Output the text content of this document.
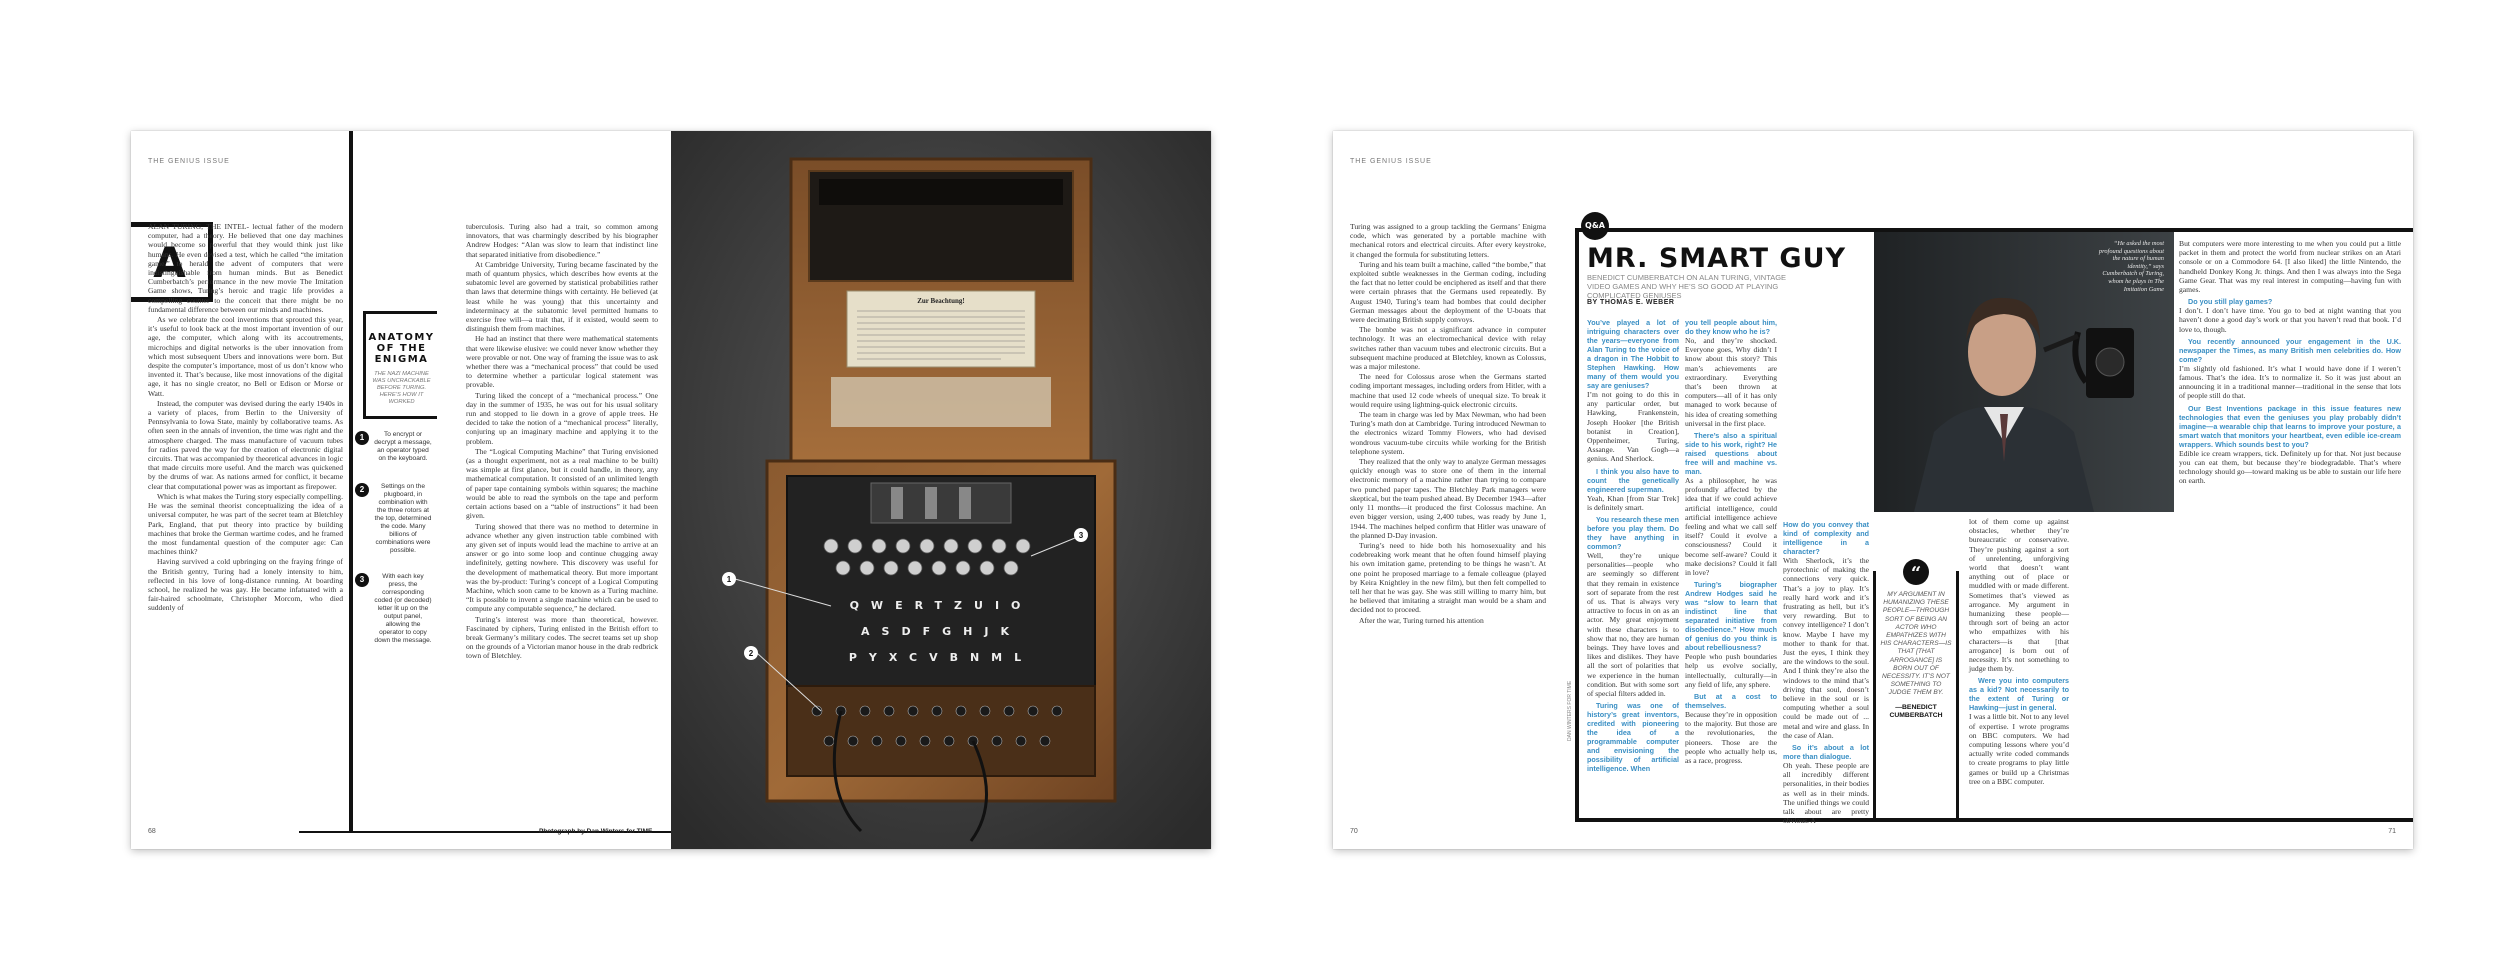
THE GENIUS ISSUE
A

ALAN TURING, THE INTEL- lectual father of the modern computer, had a theory. He believed that one day machines would become so powerful that they would think just like humans. He even devised a test, which he called “the imitation game,” to herald the advent of computers that were indistinguishable from human minds. But as Benedict Cumberbatch’s performance in the new movie The Imitation Game shows, Turing’s heroic and tragic life provides a compelling counter to the conceit that there might be no fundamental difference between our minds and machines.

As we celebrate the cool inventions that sprouted this year, it’s useful to look back at the most important invention of our age, the computer, which along with its accoutrements, microchips and digital networks is the uber innovation from which most subsequent Ubers and innovations were born. But despite the computer’s importance, most of us don’t know who invented it. That’s because, like most innovations of the digital age, it has no single creator, no Bell or Edison or Morse or Watt.

Instead, the computer was devised during the early 1940s in a variety of places, from Berlin to the University of Pennsylvania to Iowa State, mainly by collaborative teams. As often seen in the annals of invention, the time was right and the atmosphere charged. The mass manufacture of vacuum tubes for radios paved the way for the creation of electronic digital circuits. That was accompanied by theoretical advances in logic that made circuits more useful. And the march was quickened by the drums of war. As nations armed for conflict, it became clear that computational power was as important as firepower.

Which is what makes the Turing story especially compelling. He was the seminal theorist conceptualizing the idea of a universal computer, he was part of the secret team at Bletchley Park, England, that put theory into practice by building machines that broke the German wartime codes, and he framed the most fundamental question of the computer age: Can machines think?

Having survived a cold upbringing on the fraying fringe of the British gentry, Turing had a lonely intensity to him, reflected in his love of long-distance running. At boarding school, he realized he was gay. He became infatuated with a fair-haired schoolmate, Christopher Morcom, who died suddenly of

ANATOMY OF THE ENIGMA
THE NAZI MACHINE WAS UNCRACKABLE BEFORE TURING. HERE’S HOW IT WORKED
1	To encrypt or decrypt a message, an operator typed on the keyboard.
2	Settings on the plugboard, in combination with the three rotors at the top, determined the code. Many billions of combinations were possible.
3	With each key press, the corresponding coded (or decoded) letter lit up on the output panel, allowing the operator to copy down the message.

tuberculosis. Turing also had a trait, so common among innovators, that was charmingly described by his biographer Andrew Hodges: “Alan was slow to learn that indistinct line that separated initiative from disobedience.”

At Cambridge University, Turing became fascinated by the math of quantum physics, which describes how events at the subatomic level are governed by statistical probabilities rather than laws that determine things with certainty. He believed (at least while he was young) that this uncertainty and indeterminacy at the subatomic level permitted humans to exercise free will—a trait that, if it existed, would seem to distinguish them from machines.

He had an instinct that there were mathematical statements that were likewise elusive: we could never know whether they were provable or not. One way of framing the issue was to ask whether there was a “mechanical process” that could be used to determine whether a particular logical statement was provable.

Turing liked the concept of a “mechanical process.” One day in the summer of 1935, he was out for his usual solitary run and stopped to lie down in a grove of apple trees. He decided to take the notion of a “mechanical process” literally, conjuring up an imaginary machine and applying it to the problem.

The “Logical Computing Machine” that Turing envisioned (as a thought experiment, not as a real machine to be built) was simple at first glance, but it could handle, in theory, any mathematical computation. It consisted of an unlimited length of paper tape containing symbols within squares; the machine would be able to read the symbols on the tape and perform certain actions based on a “table of instructions” it had been given.

Turing showed that there was no method to determine in advance whether any given instruction table combined with any given set of inputs would lead the machine to arrive at an answer or go into some loop and continue chugging away indefinitely, getting nowhere. This discovery was useful for the development of mathematical theory. But more important was the by-product: Turing’s concept of a Logical Computing Machine, which soon came to be known as a Turing machine. “It is possible to invent a single machine which can be used to compute any computable sequence,” he declared.

Turing’s interest was more than theoretical, however. Fascinated by ciphers, Turing enlisted in the British effort to break Germany’s military codes. The secret teams set up shop on the grounds of a Victorian manor house in the drab redbrick town of Bletchley.

68
Zur Beachtung!
QWERTZUIO
ASDFGHJK
PYXCVBNML
1
2
3
Photograph by Dan Winters for TIME
THE GENIUS ISSUE

Turing was assigned to a group tackling the Germans’ Enigma code, which was generated by a portable machine with mechanical rotors and electrical circuits. After every keystroke, it changed the formula for substituting letters.

Turing and his team built a machine, called “the bombe,” that exploited subtle weaknesses in the German coding, including the fact that no letter could be enciphered as itself and that there were certain phrases that the Germans used repeatedly. By August 1940, Turing’s team had bombes that could decipher German messages about the deployment of the U-boats that were decimating British supply convoys.

The bombe was not a significant advance in computer technology. It was an electromechanical device with relay switches rather than vacuum tubes and electronic circuits. But a subsequent machine produced at Bletchley, known as Colossus, was a major milestone.

The need for Colossus arose when the Germans started coding important messages, including orders from Hitler, with a machine that used 12 code wheels of unequal size. To break it would require using lightning-quick electronic circuits.

The team in charge was led by Max Newman, who had been Turing’s math don at Cambridge. Turing introduced Newman to the electronics wizard Tommy Flowers, who had devised wondrous vacuum-tube circuits while working for the British telephone system.

They realized that the only way to analyze German messages quickly enough was to store one of them in the internal electronic memory of a machine rather than trying to compare two punched paper tapes. The Bletchley Park managers were skeptical, but the team pushed ahead. By December 1943—after only 11 months—it produced the first Colossus machine. An even bigger version, using 2,400 tubes, was ready by June 1, 1944. The machines helped confirm that Hitler was unaware of the planned D-Day invasion.

Turing’s need to hide both his homosexuality and his codebreaking work meant that he often found himself playing his own imitation game, pretending to be things he wasn’t. At one point he proposed marriage to a female colleague (played by Keira Knightley in the new film), but then felt compelled to tell her that he was gay. She was still willing to marry him, but he believed that imitating a straight man would be a sham and decided not to proceed.

After the war, Turing turned his attention

70
DAN WINTERS FOR TIME
Q&A
MR. SMART GUY
BENEDICT CUMBERBATCH ON ALAN TURING, VINTAGE VIDEO GAMES AND WHY HE’S SO GOOD AT PLAYING COMPLICATED GENIUSES
BY THOMAS E. WEBER

You’ve played a lot of intriguing characters over the years—everyone from Alan Turing to the voice of a dragon in The Hobbit to Stephen Hawking. How many of them would you say are geniuses?
I’m not going to do this in any particular order, but Hawking, Frankenstein, Joseph Hooker [the British botanist in Creation], Oppenheimer, Turing, Assange. Van Gogh—a genius. And Sherlock.

I think you also have to count the genetically engineered superman.
Yeah, Khan [from Star Trek] is definitely smart.

You research these men before you play them. Do they have anything in common?
Well, they’re unique personalities—people who are seemingly so different that they remain in existence sort of separate from the rest of us. That is always very attractive to focus in on as an actor. My great enjoyment with these characters is to show that no, they are human beings. They have loves and likes and dislikes. They have all the sort of polarities that we experience in the human condition. But with some sort of special filters added in.

Turing was one of history’s great inventors, credited with pioneering the idea of a programmable computer and envisioning the possibility of artificial intelligence. When

you tell people about him, do they know who he is?
No, and they’re shocked. Everyone goes, Why didn’t I know about this story? This man’s achievements are extraordinary. Everything that’s been thrown at computers—all of it has only managed to work because of his idea of creating something universal in the first place.

There’s also a spiritual side to his work, right? He raised questions about free will and machine vs. man.
As a philosopher, he was profoundly affected by the idea that if we could achieve artificial intelligence, could artificial intelligence achieve feeling and what we call self itself? Could it evolve a consciousness? Could it become self-aware? Could it make decisions? Could it fall in love?

Turing’s biographer Andrew Hodges said he was “slow to learn that indistinct line that separated initiative from disobedience.” How much of genius do you think is about rebelliousness?
People who push boundaries help us evolve socially, intellectually, culturally—in any field of life, any sphere.

But at a cost to themselves.
Because they’re in opposition to the majority. But those are the revolutionaries, the pioneers. Those are the people who actually help us, as a race, progress.

“
MY ARGUMENT IN HUMANIZING THESE PEOPLE—THROUGH SORT OF BEING AN ACTOR WHO EMPATHIZES WITH HIS CHARACTERS—IS THAT [THAT ARROGANCE] IS BORN OUT OF NECESSITY. IT’S NOT SOMETHING TO JUDGE THEM BY.
—BENEDICT CUMBERBATCH

How do you convey that kind of complexity and intelligence in a character?
With Sherlock, it’s the pyrotechnic of making the connections very quick. That’s a joy to play. It’s really hard work and it’s frustrating as hell, but it’s very rewarding. But to convey intelligence? I don’t know. Maybe I have my mother to thank for that. Just the eyes, I think they are the windows to the soul. And I think they’re also the windows to the mind that’s driving that soul, doesn’t believe in the soul or is computing whether a soul could be made out of ... metal and wire and glass. In the case of Alan.

So it’s about a lot more than dialogue.
Oh yeah. These people are all incredibly different personalities, in their bodies as well as in their minds. The unified things we could talk about are pretty obvious. A

lot of them come up against obstacles, whether they’re bureaucratic or conservative. They’re pushing against a sort of unrelenting, unforgiving world that doesn’t want anything out of place or muddled with or made different. Sometimes that’s viewed as arrogance. My argument in humanizing these people—through sort of being an actor who empathizes with his characters—is that [that arrogance] is born out of necessity. It’s not something to judge them by.

Were you into computers as a kid? Not necessarily to the extent of Turing or Hawking—just in general.
I was a little bit. Not to any level of expertise. I wrote programs on BBC computers. We had computing lessons where you’d actually write coded commands to create programs to play little games or build up a Christmas tree on a BBC computer.

But computers were more interesting to me when you could put a little packet in them and protect the world from nuclear strikes on an Atari console or on a Commodore 64. [I also liked] the little Nintendo, the handheld Donkey Kong Jr. things. And then I was always into the Sega Game Gear. That was my real interest in computing—having fun with games.

Do you still play games?
I don’t. I don’t have time. You go to bed at night wanting that you haven’t done a good day’s work or that you haven’t read that book. I’d love to, though.

You recently announced your engagement in the U.K. newspaper the Times, as many British men celebrities do. How come?
I’m slightly old fashioned. It’s what I would have done if I weren’t famous. That’s the idea. It’s to normalize it. So it was just about an announcing it in a traditional manner—traditional in the sense that lots of people still do that.

Our Best Inventions package in this issue features new technologies that even the geniuses you play probably didn’t imagine—a wearable chip that learns to improve your posture, a smart watch that monitors your heartbeat, even edible ice-cream wrappers. Which sounds best to you?
Edible ice cream wrappers, tick. Definitely up for that. Not just because you can eat them, but because they’re biodegradable. That’s where technology should go—toward making us be able to sustain our life here on earth.

“He asked the most profound questions about the nature of human identity,” says Cumberbatch of Turing, whom he plays in The Imitation Game
71
